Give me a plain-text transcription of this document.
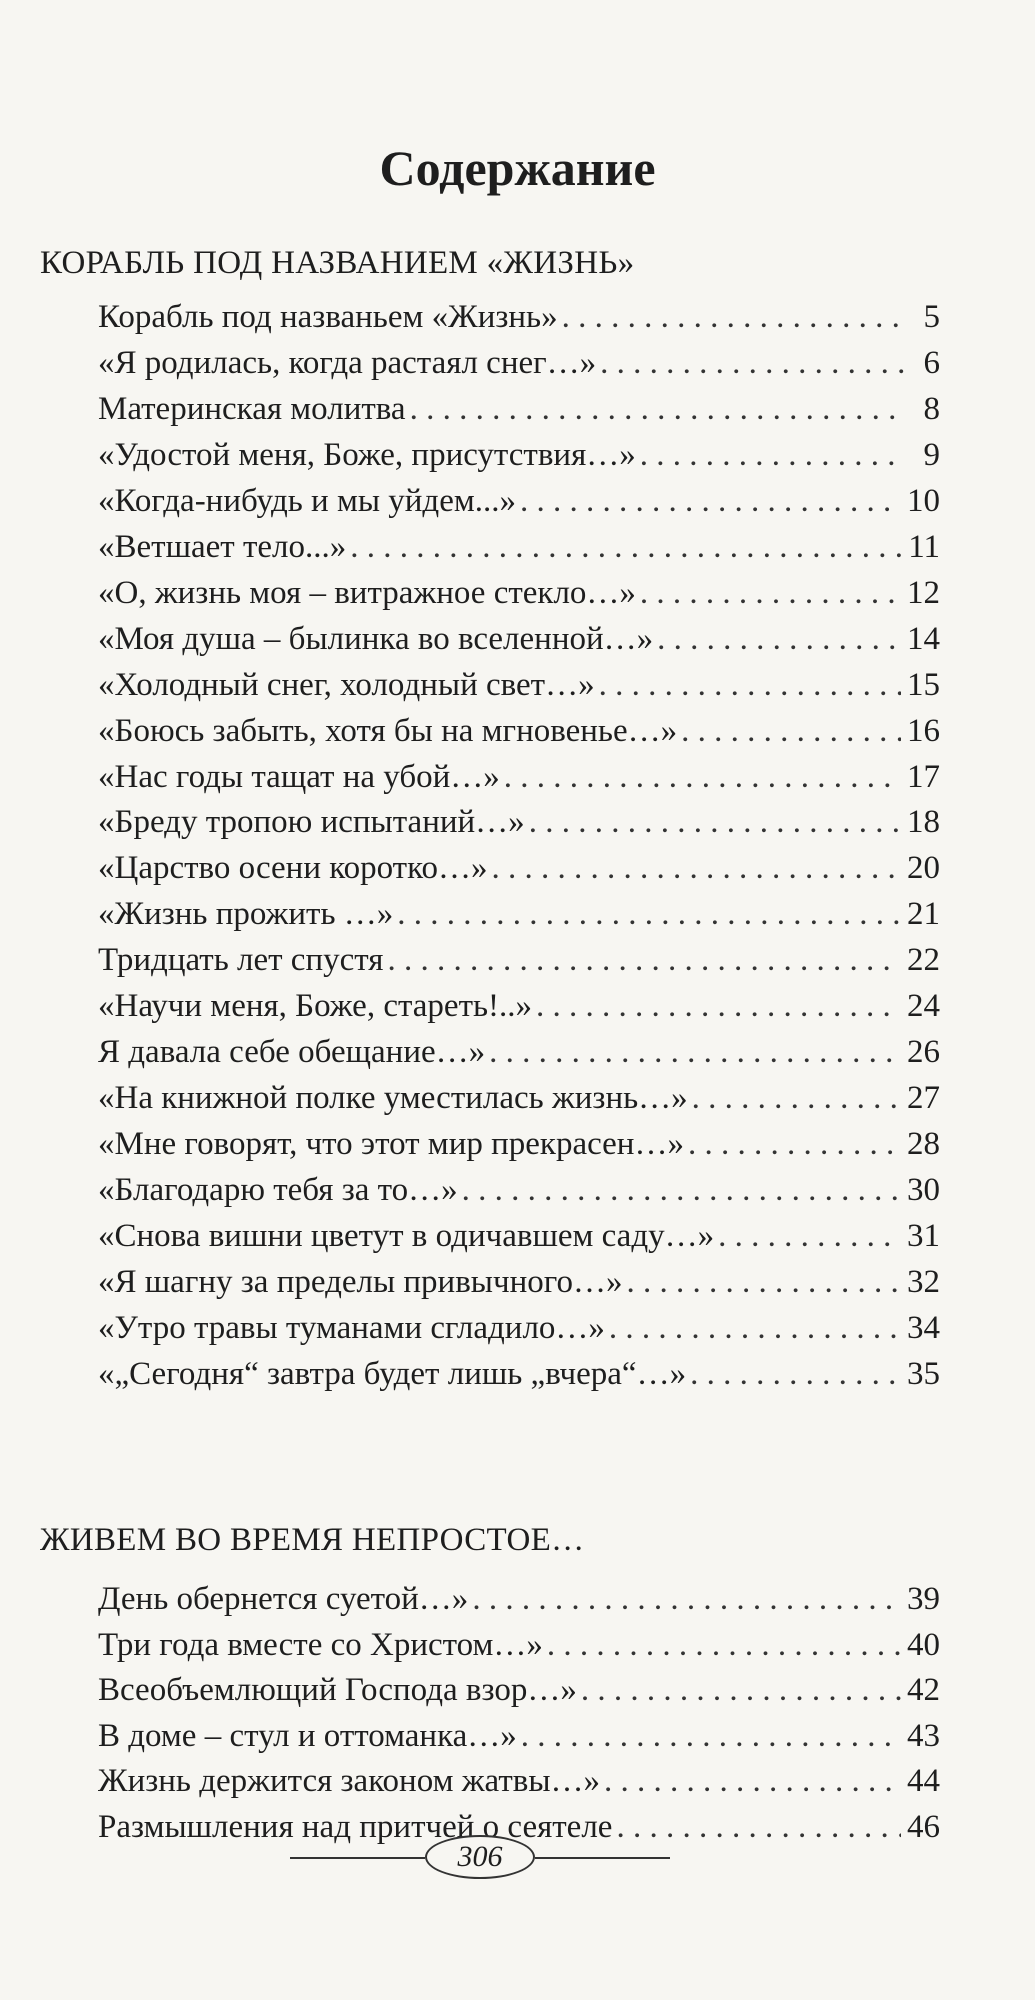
Содержание
КОРАБЛЬ ПОД НАЗВАНИЕМ «ЖИЗНЬ»
Корабль под названьем «Жизнь» . . .	5
«Я родилась, когда растаял снег…» . . .	6
Материнская молитва . . .	8
«Удостой меня, Боже, присутствия…» . . .	9
«Когда-нибудь и мы уйдем...» . . .	10
«Ветшает тело...» . . .	11
«О, жизнь моя – витражное стекло…» . . .	12
«Моя душа – былинка во вселенной…» . . .	14
«Холодный снег, холодный свет…» . . .	15
«Боюсь забыть, хотя бы на мгновенье…» . . .	16
«Нас годы тащат на убой…» . . .	17
«Бреду тропою испытаний…» . . .	18
«Царство осени коротко…» . . .	20
«Жизнь прожить …» . . .	21
Тридцать лет спустя . . .	22
«Научи меня, Боже, стареть!..» . . .	24
Я давала себе обещание…» . . .	26
«На книжной полке уместилась жизнь…» . . .	27
«Мне говорят, что этот мир прекрасен…» . . .	28
«Благодарю тебя за то…» . . .	30
«Снова вишни цветут в одичавшем саду…» . . .	31
«Я шагну за пределы привычного…» . . .	32
«Утро травы туманами сгладило…» . . .	34
«„Сегодня“ завтра будет лишь „вчера“…» . . .	35
ЖИВЕМ ВО ВРЕМЯ НЕПРОСТОЕ…
День обернется суетой…» . . .	39
Три года вместе со Христом…» . . .	40
Всеобъемлющий Господа взор…» . . .	42
В доме – стул и оттоманка…» . . .	43
Жизнь держится законом жатвы…» . . .	44
Размышления над притчей о сеятеле . . .	46
306
